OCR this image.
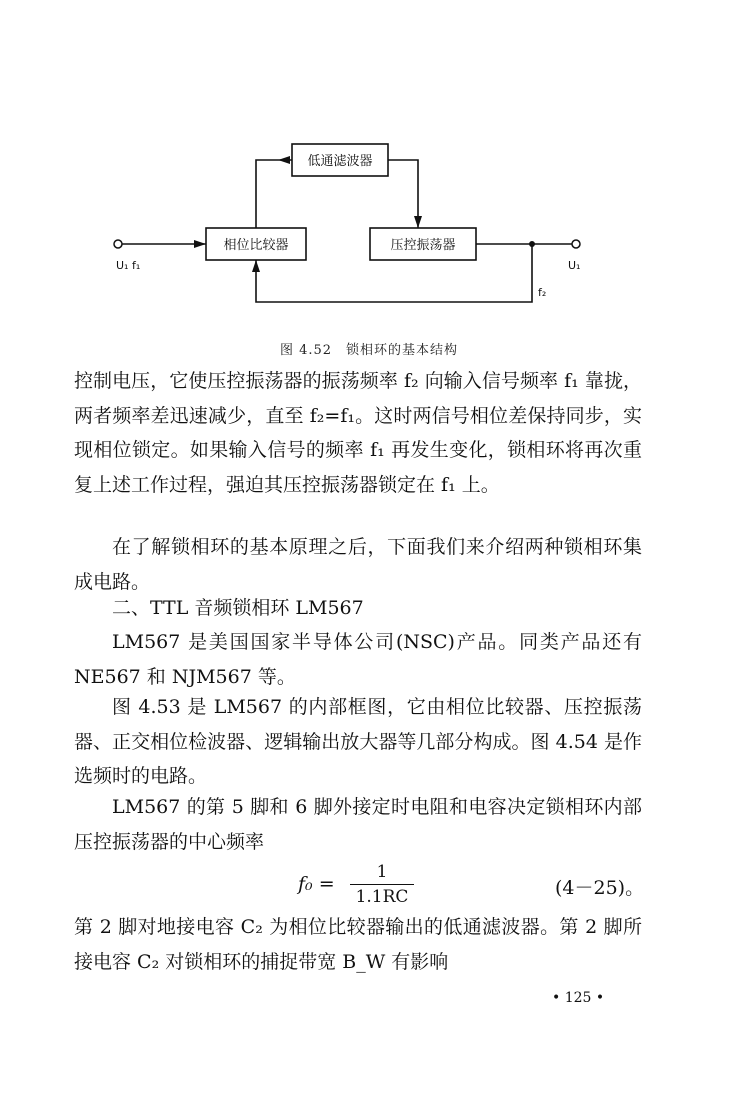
低通滤波器
相位比较器	压控振荡器
U₁ f₁	U₁
f₂
图 4.52　锁相环的基本结构

控制电压，它使压控振荡器的振荡频率 f₂ 向输入信号频率 f₁ 靠拢，两者频率差迅速减少，直至 f₂=f₁。这时两信号相位差保持同步，实现相位锁定。如果输入信号的频率 f₁ 再发生变化，锁相环将再次重复上述工作过程，强迫其压控振荡器锁定在 f₁ 上。

在了解锁相环的基本原理之后，下面我们来介绍两种锁相环集成电路。

二、TTL 音频锁相环 LM567

LM567 是美国国家半导体公司(NSC)产品。同类产品还有 NE567 和 NJM567 等。

图 4.53 是 LM567 的内部框图，它由相位比较器、压控振荡器、正交相位检波器、逻辑输出放大器等几部分构成。图 4.54 是作选频时的电路。

LM567 的第 5 脚和 6 脚外接定时电阻和电容决定锁相环内部压控振荡器的中心频率

f₀ =
1
1.1RC	(4－25)。

第 2 脚对地接电容 C₂ 为相位比较器输出的低通滤波器。第 2 脚所接电容 C₂ 对锁相环的捕捉带宽 B_W 有影响

• 125 •
